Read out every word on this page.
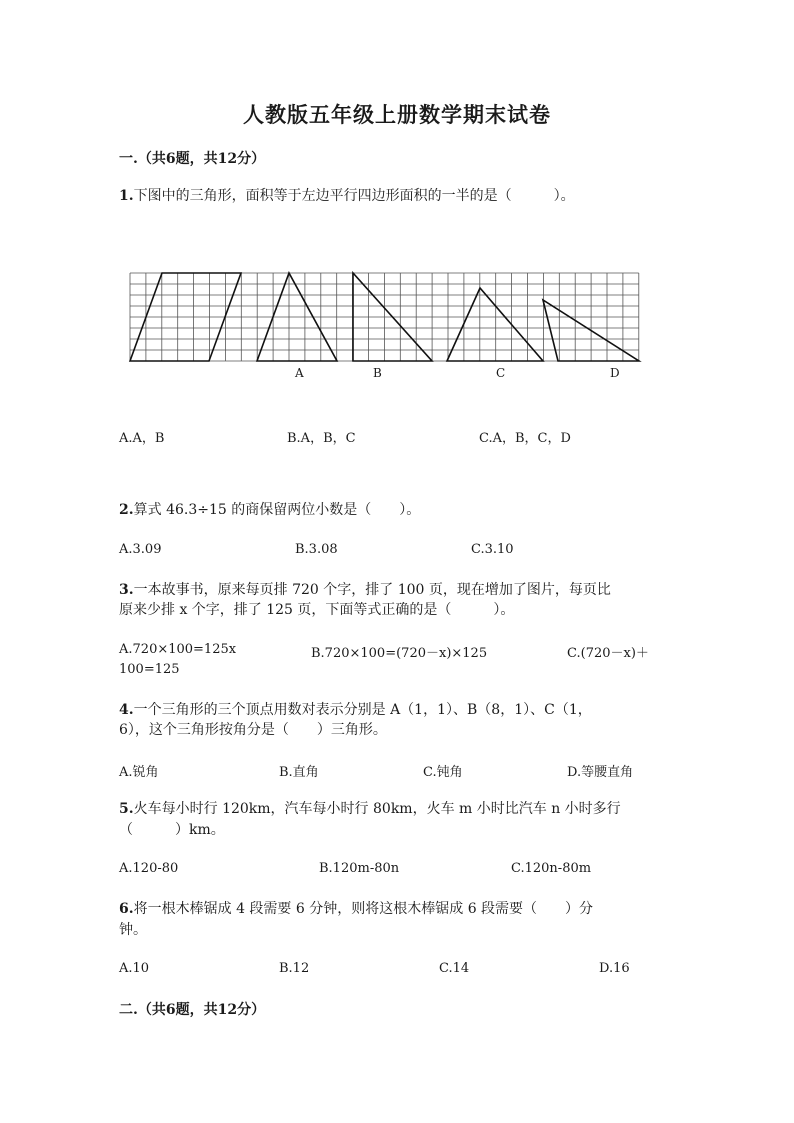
人教版五年级上册数学期末试卷
一.（共6题，共12分）
1.下图中的三角形，面积等于左边平行四边形面积的一半的是（　　　）。
A	B	C	D
A.A，B	B.A，B，C	C.A，B，C，D
2.算式 46.3÷15 的商保留两位小数是（　　）。
A.3.09	B.3.08	C.3.10
3.一本故事书，原来每页排 720 个字，排了 100 页，现在增加了图片，每页比
原来少排 x 个字，排了 125 页，下面等式正确的是（　　　）。
A.720×100=125x	B.720×100=(720－x)×125	C.(720－x)＋
100=125
4.一个三角形的三个顶点用数对表示分别是 A（1，1）、B（8，1）、C（1，
6），这个三角形按角分是（　　）三角形。
A.锐角	B.直角	C.钝角	D.等腰直角
5.火车每小时行 120km，汽车每小时行 80km，火车 m 小时比汽车 n 小时多行
（　　　）km。
A.120-80	B.120m-80n	C.120n-80m
6.将一根木棒锯成 4 段需要 6 分钟，则将这根木棒锯成 6 段需要（　　）分
钟。
A.10	B.12	C.14	D.16
二.（共6题，共12分）
